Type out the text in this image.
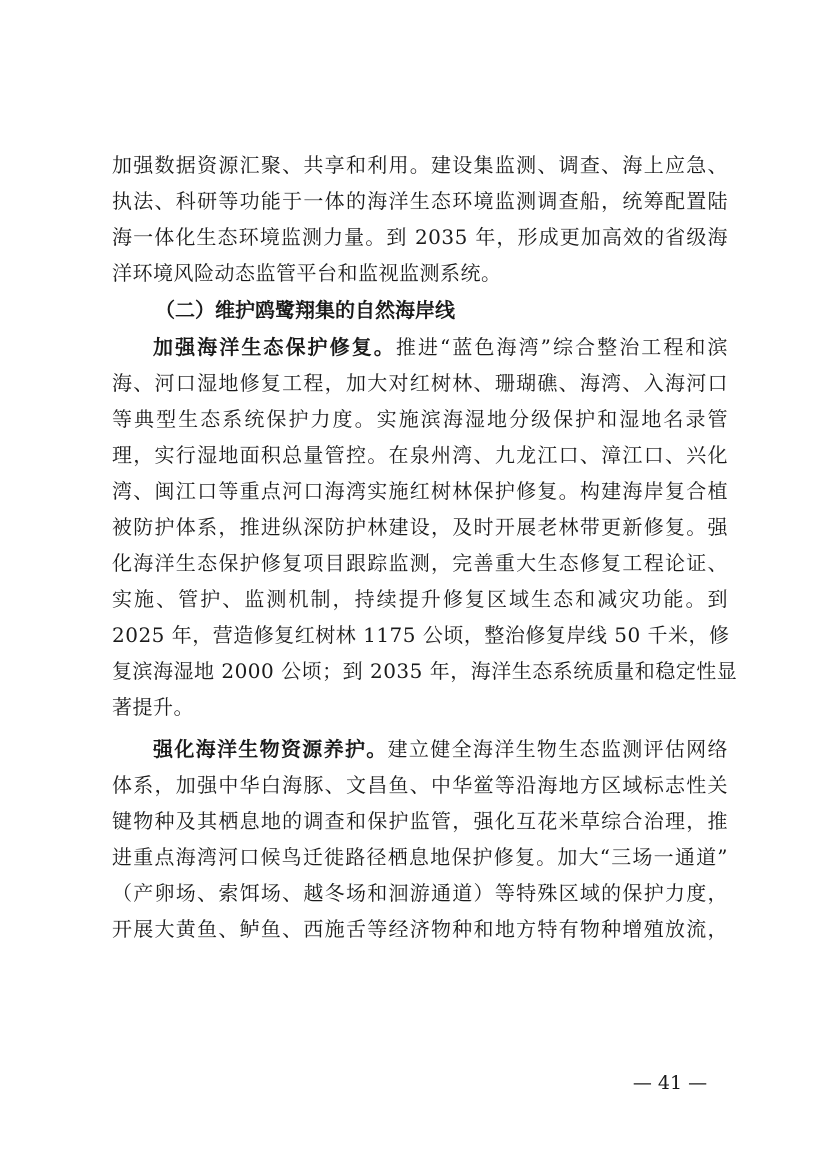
加强数据资源汇聚、共享和利用。建设集监测、调查、海上应急、
执法、科研等功能于一体的海洋生态环境监测调查船，统筹配置陆
海一体化生态环境监测力量。到 2035 年，形成更加高效的省级海
洋环境风险动态监管平台和监视监测系统。
（二）维护鸥鹭翔集的自然海岸线
加强海洋生态保护修复。推进“蓝色海湾”综合整治工程和滨
海、河口湿地修复工程，加大对红树林、珊瑚礁、海湾、入海河口
等典型生态系统保护力度。实施滨海湿地分级保护和湿地名录管
理，实行湿地面积总量管控。在泉州湾、九龙江口、漳江口、兴化
湾、闽江口等重点河口海湾实施红树林保护修复。构建海岸复合植
被防护体系，推进纵深防护林建设，及时开展老林带更新修复。强
化海洋生态保护修复项目跟踪监测，完善重大生态修复工程论证、
实施、管护、监测机制，持续提升修复区域生态和减灾功能。到
2025 年，营造修复红树林 1175 公顷，整治修复岸线 50 千米，修
复滨海湿地 2000 公顷；到 2035 年，海洋生态系统质量和稳定性显
著提升。
强化海洋生物资源养护。建立健全海洋生物生态监测评估网络
体系，加强中华白海豚、文昌鱼、中华鲎等沿海地方区域标志性关
键物种及其栖息地的调查和保护监管，强化互花米草综合治理，推
进重点海湾河口候鸟迁徙路径栖息地保护修复。加大“三场一通道”
（产卵场、索饵场、越冬场和洄游通道）等特殊区域的保护力度，
开展大黄鱼、鲈鱼、西施舌等经济物种和地方特有物种增殖放流，
— 41 —
